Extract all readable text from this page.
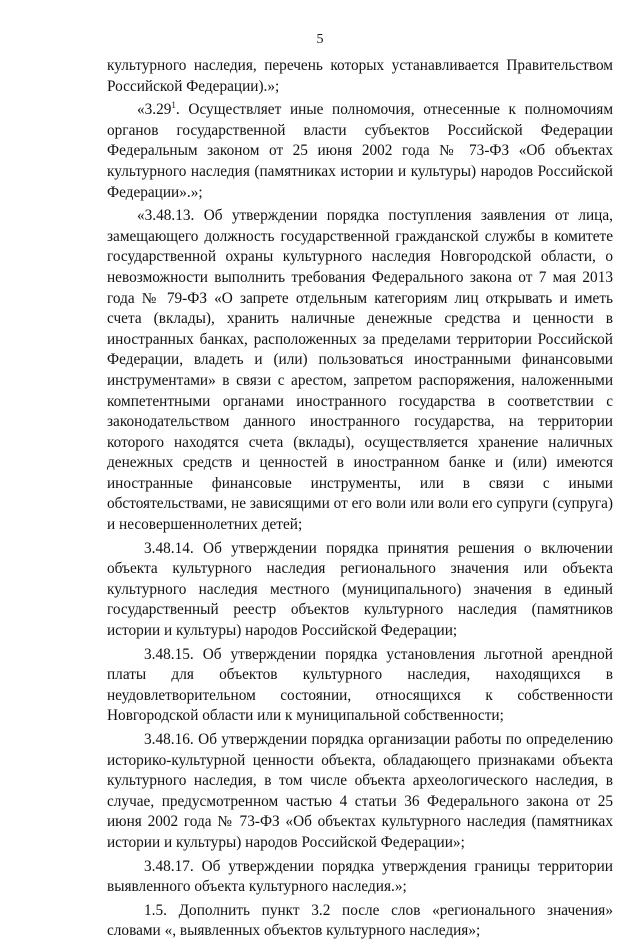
5

культурного наследия, перечень которых устанавливается Правительством Российской Федерации).»;

«3.29$^1$. Осуществляет иные полномочия, отнесенные к полномочиям органов государственной власти субъектов Российской Федерации Федеральным законом от 25 июня 2002 года № 73-ФЗ «Об объектах культурного наследия (памятниках истории и культуры) народов Российской Федерации».»;

«3.48.13. Об утверждении порядка поступления заявления от лица, замещающего должность государственной гражданской службы в комитете государственной охраны культурного наследия Новгородской области, о невозможности выполнить требования Федерального закона от 7 мая 2013 года № 79-ФЗ «О запрете отдельным категориям лиц открывать и иметь счета (вклады), хранить наличные денежные средства и ценности в иностранных банках, расположенных за пределами территории Российской Федерации, владеть и (или) пользоваться иностранными финансовыми инструментами» в связи с арестом, запретом распоряжения, наложенными компетентными органами иностранного государства в соответствии с законодательством данного иностранного государства, на территории которого находятся счета (вклады), осуществляется хранение наличных денежных средств и ценностей в иностранном банке и (или) имеются иностранные финансовые инструменты, или в связи с иными обстоятельствами, не зависящими от его воли или воли его супруги (супруга) и несовершеннолетних детей;

3.48.14. Об утверждении порядка принятия решения о включении объекта культурного наследия регионального значения или объекта культурного наследия местного (муниципального) значения в единый государственный реестр объектов культурного наследия (памятников истории и культуры) народов Российской Федерации;

3.48.15. Об утверждении порядка установления льготной арендной платы для объектов культурного наследия, находящихся в неудовлетворительном состоянии, относящихся к собственности Новгородской области или к муниципальной собственности;

3.48.16. Об утверждении порядка организации работы по определению историко-культурной ценности объекта, обладающего признаками объекта культурного наследия, в том числе объекта археологического наследия, в случае, предусмотренном частью 4 статьи 36 Федерального закона от 25 июня 2002 года № 73-ФЗ «Об объектах культурного наследия (памятниках истории и культуры) народов Российской Федерации»;

3.48.17. Об утверждении порядка утверждения границы территории выявленного объекта культурного наследия.»;

1.5. Дополнить пункт 3.2 после слов «регионального значения» словами «, выявленных объектов культурного наследия»;
